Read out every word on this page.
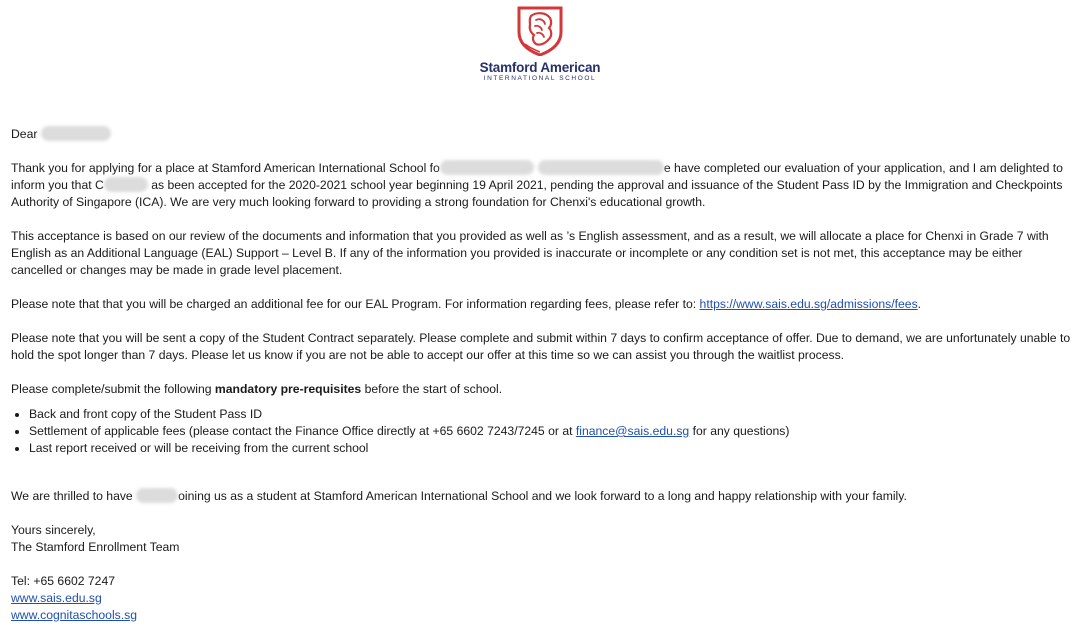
Stamford American
INTERNATIONAL SCHOOL

Dear

Thank you for applying for a place at Stamford American International School fo	e have completed our evaluation of your application, and I am delighted to inform you that C	as been accepted for the 2020-2021 school year beginning 19 April 2021, pending the approval and issuance of the Student Pass ID by the Immigration and Checkpoints Authority of Singapore (ICA). We are very much looking forward to providing a strong foundation for Chenxi's educational growth.

This acceptance is based on our review of the documents and information that you provided as well as ’s English assessment, and as a result, we will allocate a place for Chenxi in Grade 7 with English as an Additional Language (EAL) Support – Level B. If any of the information you provided is inaccurate or incomplete or any condition set is not met, this acceptance may be either cancelled or changes may be made in grade level placement.

Please note that that you will be charged an additional fee for our EAL Program. For information regarding fees, please refer to: https://www.sais.edu.sg/admissions/fees.

Please note that you will be sent a copy of the Student Contract separately. Please complete and submit within 7 days to confirm acceptance of offer. Due to demand, we are unfortunately unable to hold the spot longer than 7 days. Please let us know if you are not be able to accept our offer at this time so we can assist you through the waitlist process.

Please complete/submit the following mandatory pre-requisites before the start of school.

• Back and front copy of the Student Pass ID
• Settlement of applicable fees (please contact the Finance Office directly at +65 6602 7243/7245 or at finance@sais.edu.sg for any questions)
• Last report received or will be receiving from the current school

We are thrilled to have	oining us as a student at Stamford American International School and we look forward to a long and happy relationship with your family.

Yours sincerely,

The Stamford Enrollment Team

Tel: +65 6602 7247

www.sais.edu.sg

www.cognitaschools.sg
